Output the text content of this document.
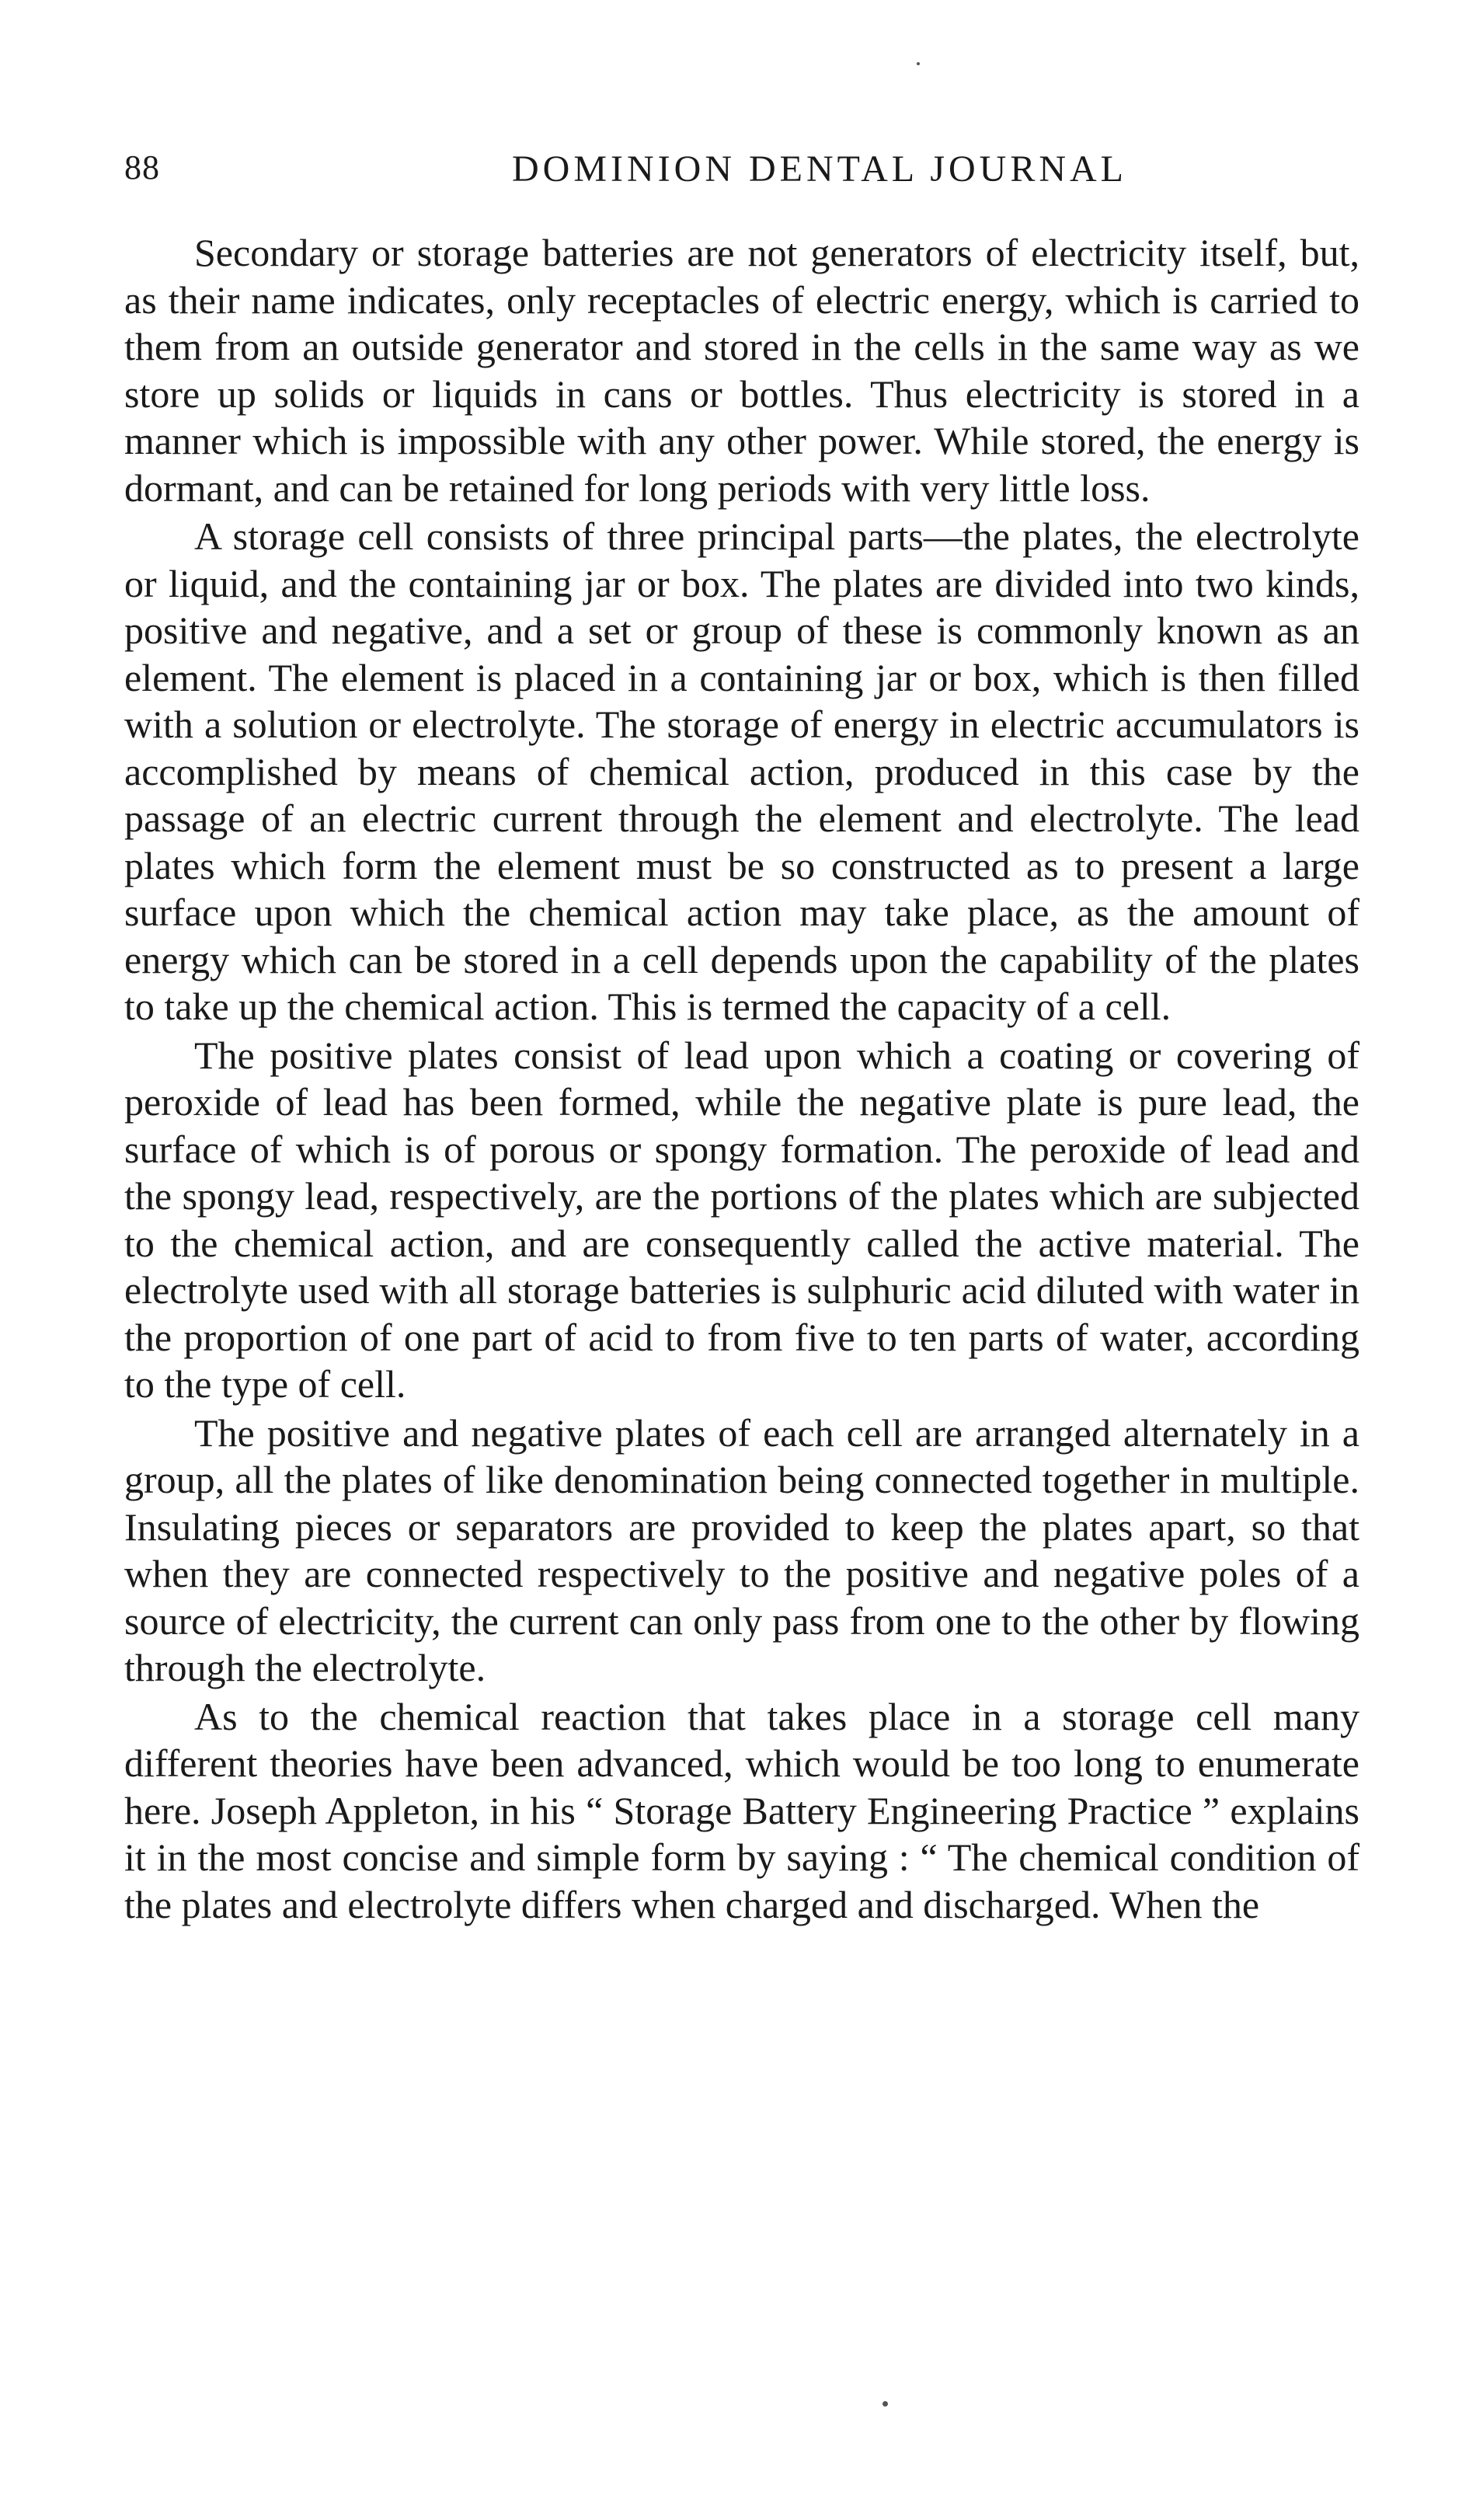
88	DOMINION DENTAL JOURNAL

Secondary or storage batteries are not generators of electricity itself, but, as their name indicates, only receptacles of electric energy, which is carried to them from an outside generator and stored in the cells in the same way as we store up solids or liquids in cans or bottles. Thus electricity is stored in a manner which is impossible with any other power. While stored, the energy is dormant, and can be retained for long periods with very little loss.

A storage cell consists of three principal parts—the plates, the electrolyte or liquid, and the containing jar or box. The plates are divided into two kinds, positive and negative, and a set or group of these is commonly known as an element. The element is placed in a containing jar or box, which is then filled with a solution or electrolyte. The storage of energy in electric accumulators is accomplished by means of chemical action, produced in this case by the passage of an electric current through the element and electrolyte. The lead plates which form the element must be so constructed as to present a large surface upon which the chemical action may take place, as the amount of energy which can be stored in a cell depends upon the capability of the plates to take up the chemical action. This is termed the capacity of a cell.

The positive plates consist of lead upon which a coating or covering of peroxide of lead has been formed, while the negative plate is pure lead, the surface of which is of porous or spongy formation. The peroxide of lead and the spongy lead, respectively, are the portions of the plates which are subjected to the chemical action, and are consequently called the active material. The electrolyte used with all storage batteries is sulphuric acid diluted with water in the proportion of one part of acid to from five to ten parts of water, according to the type of cell.

The positive and negative plates of each cell are arranged alternately in a group, all the plates of like denomination being connected together in multiple. Insulating pieces or separators are provided to keep the plates apart, so that when they are connected respectively to the positive and negative poles of a source of electricity, the current can only pass from one to the other by flowing through the electrolyte.

As to the chemical reaction that takes place in a storage cell many different theories have been advanced, which would be too long to enumerate here. Joseph Appleton, in his “ Storage Battery Engineering Practice ” explains it in the most concise and simple form by saying : “ The chemical condition of the plates and electrolyte differs when charged and discharged. When the
